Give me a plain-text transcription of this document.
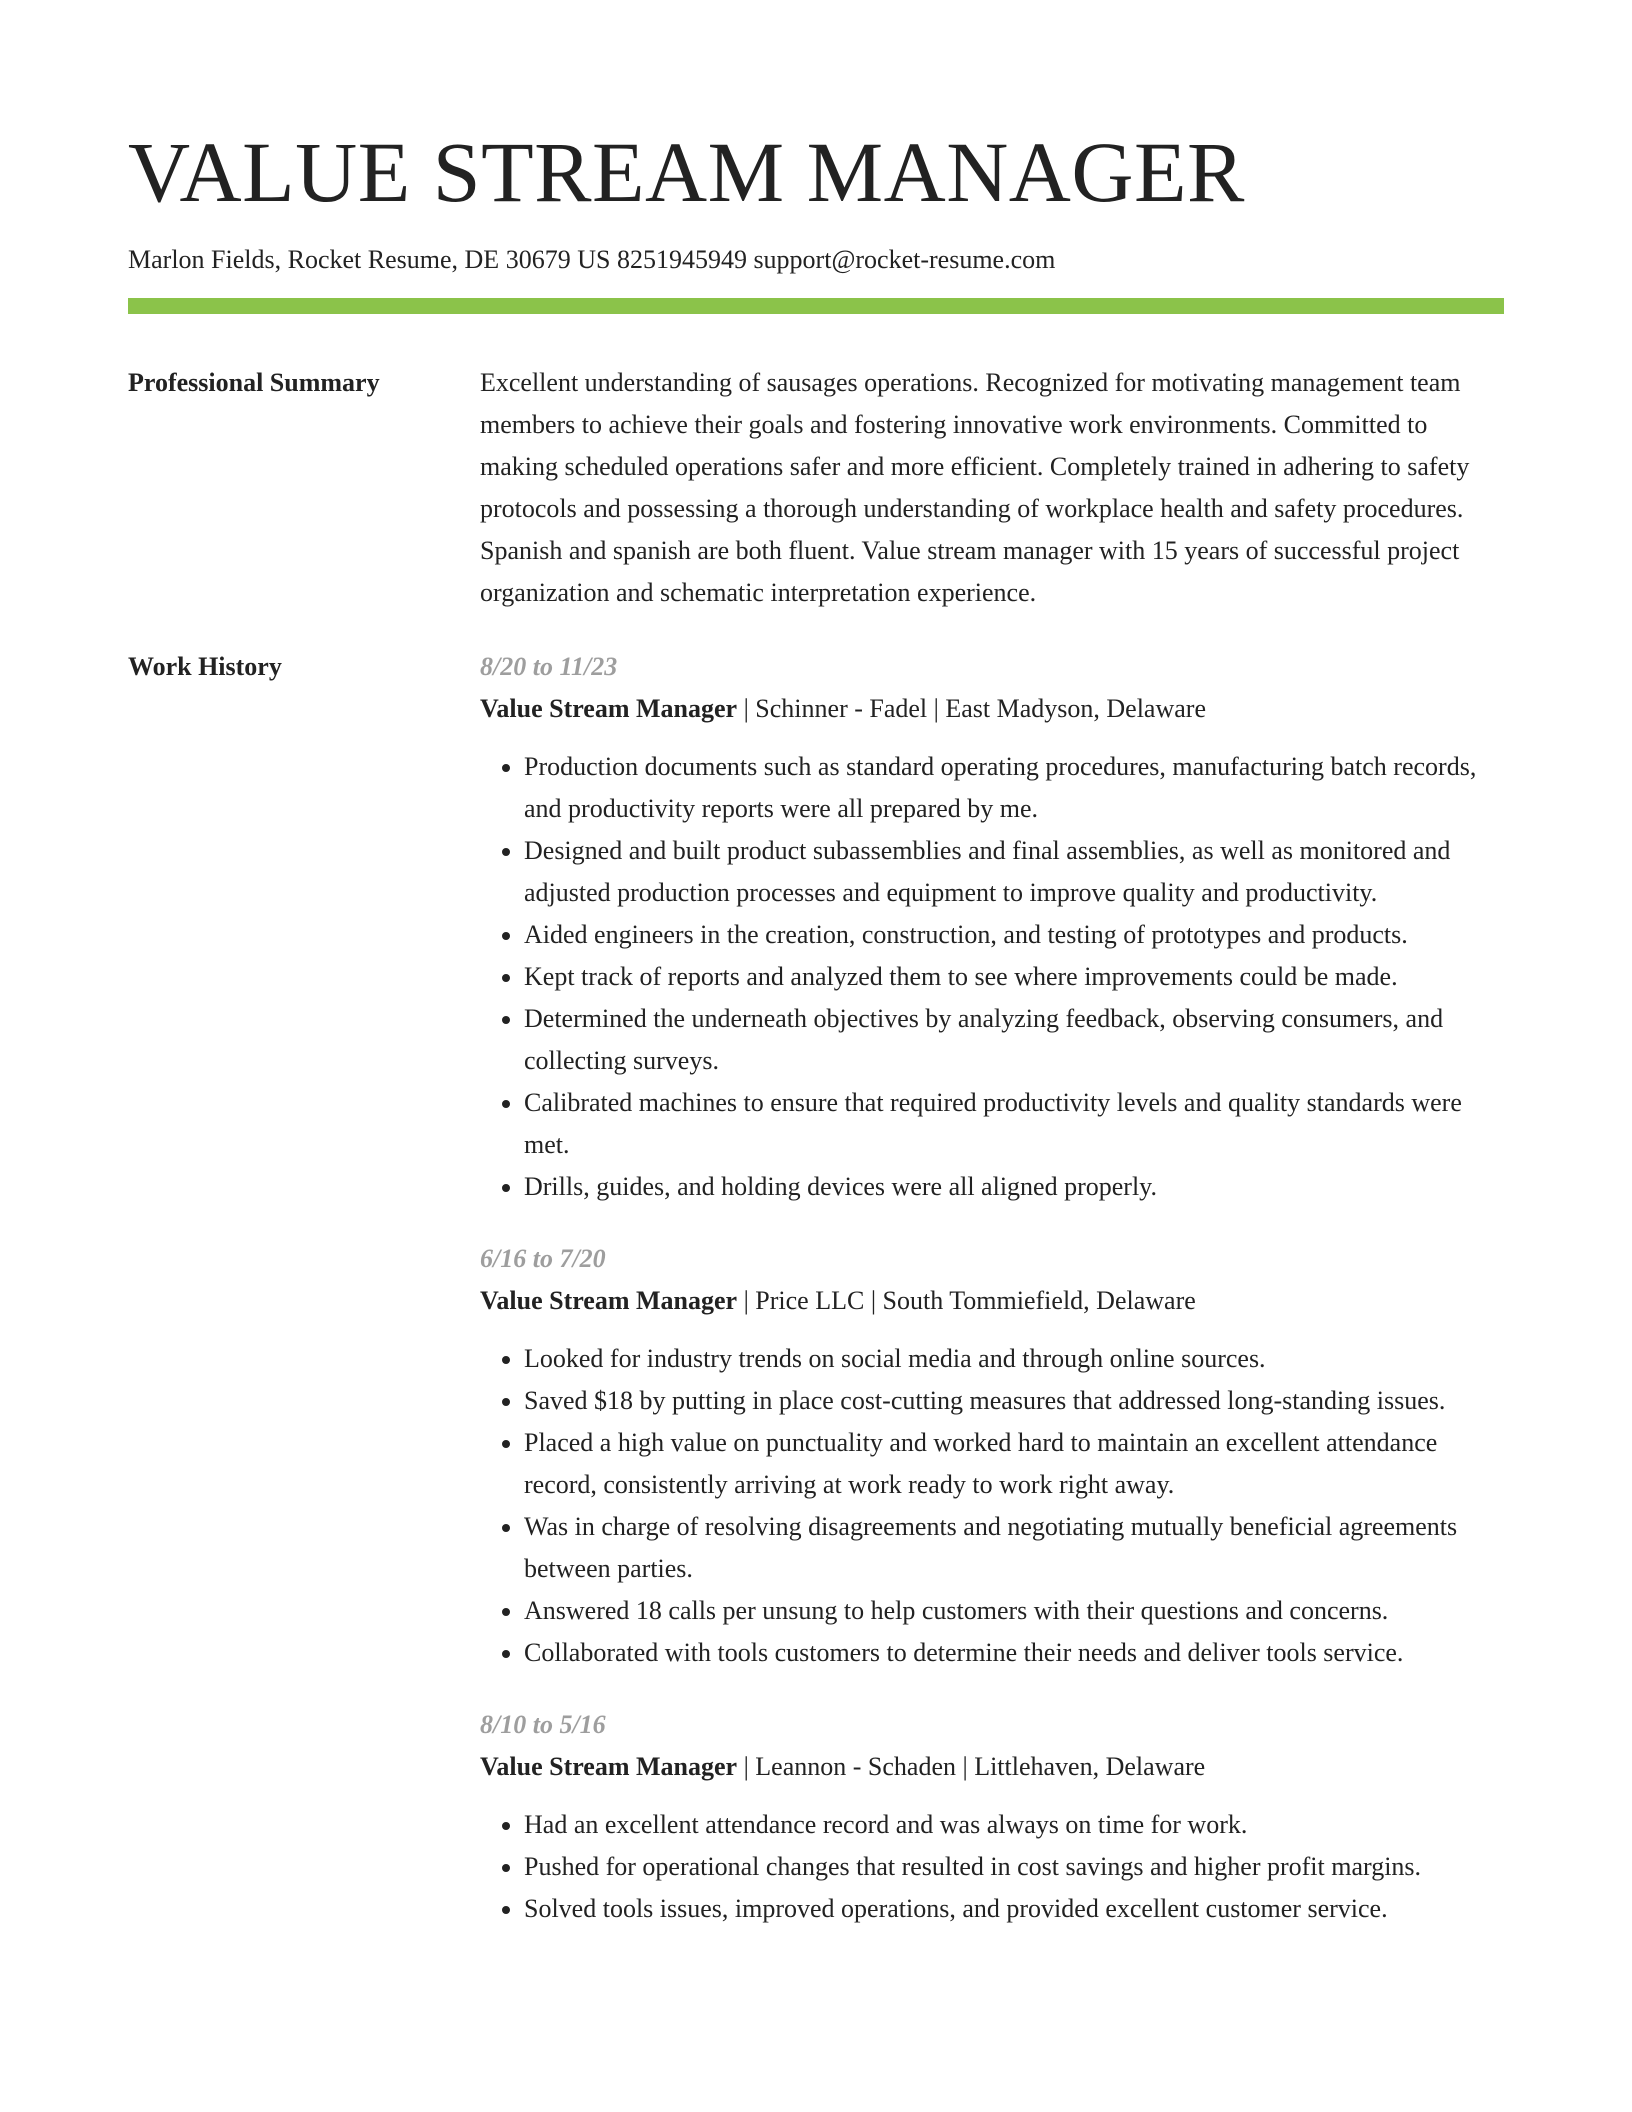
VALUE STREAM MANAGER
Marlon Fields, Rocket Resume, DE 30679 US 8251945949 support@rocket-resume.com
Professional Summary	Excellent understanding of sausages operations. Recognized for motivating management team members to achieve their goals and fostering innovative work environments. Committed to making scheduled operations safer and more efficient. Completely trained in adhering to safety protocols and possessing a thorough understanding of workplace health and safety procedures. Spanish and spanish are both fluent. Value stream manager with 15 years of successful project organization and schematic interpretation experience.

Work History	8/20 to 11/23
Value Stream Manager | Schinner - Fadel | East Madyson, Delaware
• Production documents such as standard operating procedures, manufacturing batch records, and productivity reports were all prepared by me.
• Designed and built product subassemblies and final assemblies, as well as monitored and adjusted production processes and equipment to improve quality and productivity.
• Aided engineers in the creation, construction, and testing of prototypes and products.
• Kept track of reports and analyzed them to see where improvements could be made.
• Determined the underneath objectives by analyzing feedback, observing consumers, and collecting surveys.
• Calibrated machines to ensure that required productivity levels and quality standards were met.
• Drills, guides, and holding devices were all aligned properly.
6/16 to 7/20
Value Stream Manager | Price LLC | South Tommiefield, Delaware
• Looked for industry trends on social media and through online sources.
• Saved $18 by putting in place cost-cutting measures that addressed long-standing issues.
• Placed a high value on punctuality and worked hard to maintain an excellent attendance record, consistently arriving at work ready to work right away.
• Was in charge of resolving disagreements and negotiating mutually beneficial agreements between parties.
• Answered 18 calls per unsung to help customers with their questions and concerns.
• Collaborated with tools customers to determine their needs and deliver tools service.
8/10 to 5/16
Value Stream Manager | Leannon - Schaden | Littlehaven, Delaware
• Had an excellent attendance record and was always on time for work.
• Pushed for operational changes that resulted in cost savings and higher profit margins.
• Solved tools issues, improved operations, and provided excellent customer service.
